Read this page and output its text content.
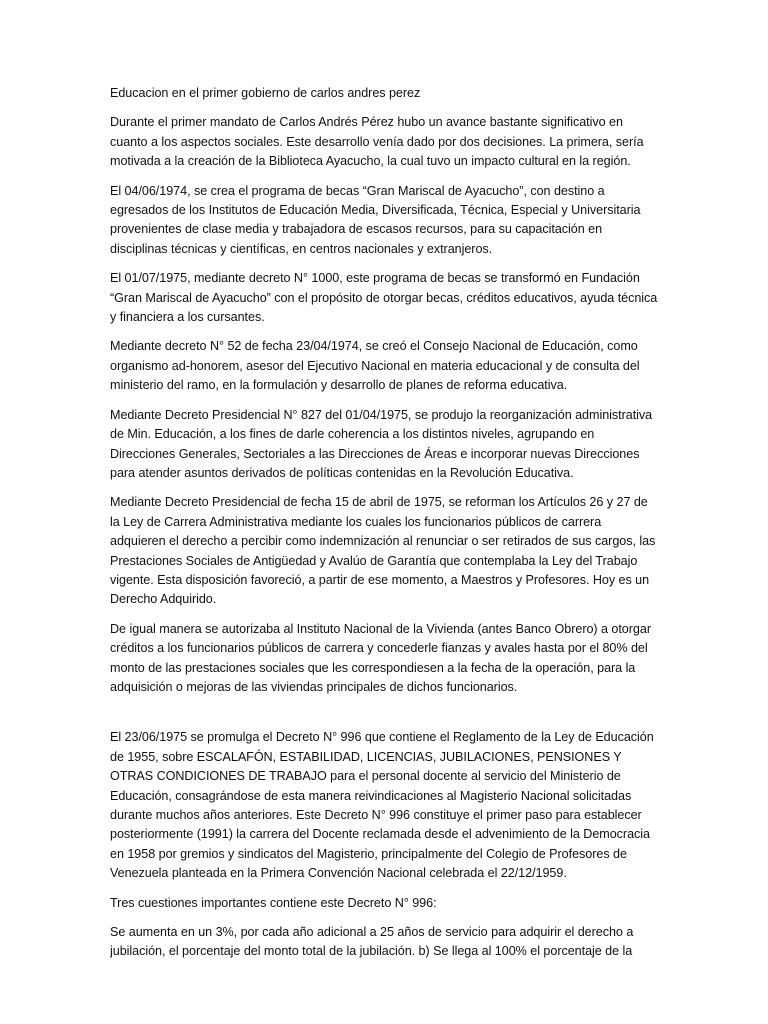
Educacion en el primer gobierno de carlos andres perez

Durante el primer mandato de Carlos Andrés Pérez hubo un avance bastante significativo en cuanto a los aspectos sociales. Este desarrollo venía dado por dos decisiones. La primera, sería motivada a la creación de la Biblioteca Ayacucho, la cual tuvo un impacto cultural en la región.

El 04/06/1974, se crea el programa de becas “Gran Mariscal de Ayacucho”, con destino a egresados de los Institutos de Educación Media, Diversificada, Técnica, Especial y Universitaria provenientes de clase media y trabajadora de escasos recursos, para su capacitación en disciplinas técnicas y científicas, en centros nacionales y extranjeros.

El 01/07/1975, mediante decreto N° 1000, este programa de becas se transformó en Fundación “Gran Mariscal de Ayacucho” con el propósito de otorgar becas, créditos educativos, ayuda técnica y financiera a los cursantes.

Mediante decreto N° 52 de fecha 23/04/1974, se creó el Consejo Nacional de Educación, como organismo ad-honorem, asesor del Ejecutivo Nacional en materia educacional y de consulta del ministerio del ramo, en la formulación y desarrollo de planes de reforma educativa.

Mediante Decreto Presidencial N° 827 del 01/04/1975, se produjo la reorganización administrativa de Min. Educación, a los fines de darle coherencia a los distintos niveles, agrupando en Direcciones Generales, Sectoriales a las Direcciones de Áreas e incorporar nuevas Direcciones para atender asuntos derivados de políticas contenidas en la Revolución Educativa.

Mediante Decreto Presidencial de fecha 15 de abril de 1975, se reforman los Artículos 26 y 27 de la Ley de Carrera Administrativa mediante los cuales los funcionarios públicos de carrera adquieren el derecho a percibir como indemnización al renunciar o ser retirados de sus cargos, las Prestaciones Sociales de Antigüedad y Avalúo de Garantía que contemplaba la Ley del Trabajo vigente. Esta disposición favoreció, a partir de ese momento, a Maestros y Profesores. Hoy es un Derecho Adquirido.

De igual manera se autorizaba al Instituto Nacional de la Vivienda (antes Banco Obrero) a otorgar créditos a los funcionarios públicos de carrera y concederle fianzas y avales hasta por el 80% del monto de las prestaciones sociales que les correspondiesen a la fecha de la operación, para la adquisición o mejoras de las viviendas principales de dichos funcionarios.

El 23/06/1975 se promulga el Decreto N° 996 que contiene el Reglamento de la Ley de Educación de 1955, sobre ESCALAFÓN, ESTABILIDAD, LICENCIAS, JUBILACIONES, PENSIONES Y OTRAS CONDICIONES DE TRABAJO para el personal docente al servicio del Ministerio de Educación, consagrándose de esta manera reivindicaciones al Magisterio Nacional solicitadas durante muchos años anteriores. Este Decreto N° 996 constituye el primer paso para establecer posteriormente (1991) la carrera del Docente reclamada desde el advenimiento de la Democracia en 1958 por gremios y sindicatos del Magisterio, principalmente del Colegio de Profesores de Venezuela planteada en la Primera Convención Nacional celebrada el 22/12/1959.

Tres cuestiones importantes contiene este Decreto N° 996:

Se aumenta en un 3%, por cada año adicional a 25 años de servicio para adquirir el derecho a jubilación, el porcentaje del monto total de la jubilación. b) Se llega al 100% el porcentaje de la
